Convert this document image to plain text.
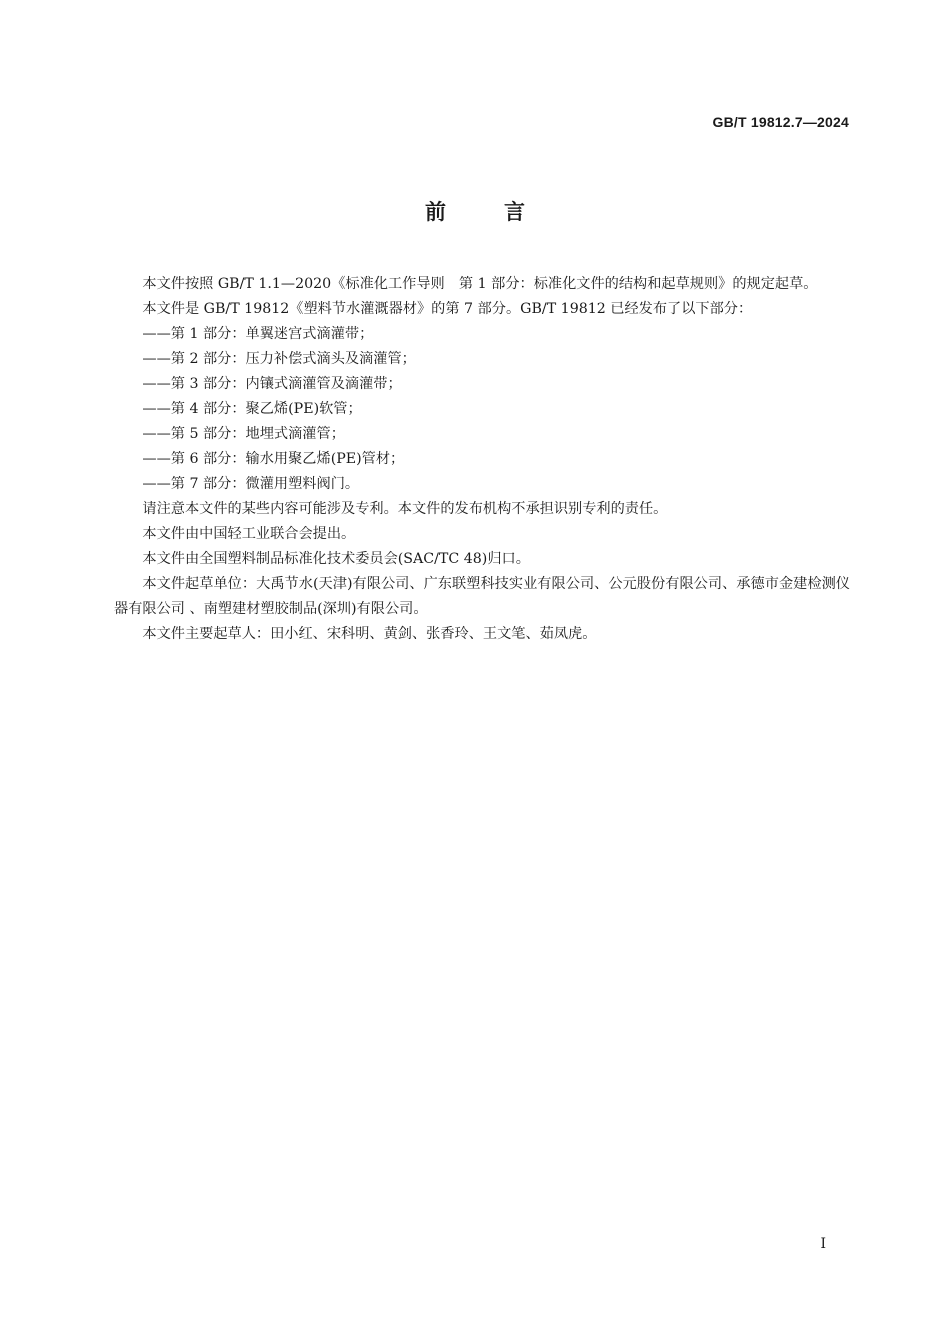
GB/T 19812.7—2024
前言

本文件按照 GB/T 1.1—2020《标准化工作导则　第 1 部分：标准化文件的结构和起草规则》的规定起草。

本文件是 GB/T 19812《塑料节水灌溉器材》的第 7 部分。GB/T 19812 已经发布了以下部分：

——第 1 部分：单翼迷宫式滴灌带；

——第 2 部分：压力补偿式滴头及滴灌管；

——第 3 部分：内镶式滴灌管及滴灌带；

——第 4 部分：聚乙烯(PE)软管；

——第 5 部分：地埋式滴灌管；

——第 6 部分：输水用聚乙烯(PE)管材；

——第 7 部分：微灌用塑料阀门。

请注意本文件的某些内容可能涉及专利。本文件的发布机构不承担识别专利的责任。

本文件由中国轻工业联合会提出。

本文件由全国塑料制品标准化技术委员会(SAC/TC 48)归口。

本文件起草单位：大禹节水(天津)有限公司、广东联塑科技实业有限公司、公元股份有限公司、承德市金建检测仪器有限公司 、南塑建材塑胶制品(深圳)有限公司。

本文件主要起草人：田小红、宋科明、黄剑、张香玲、王文笔、茹凤虎。

I
